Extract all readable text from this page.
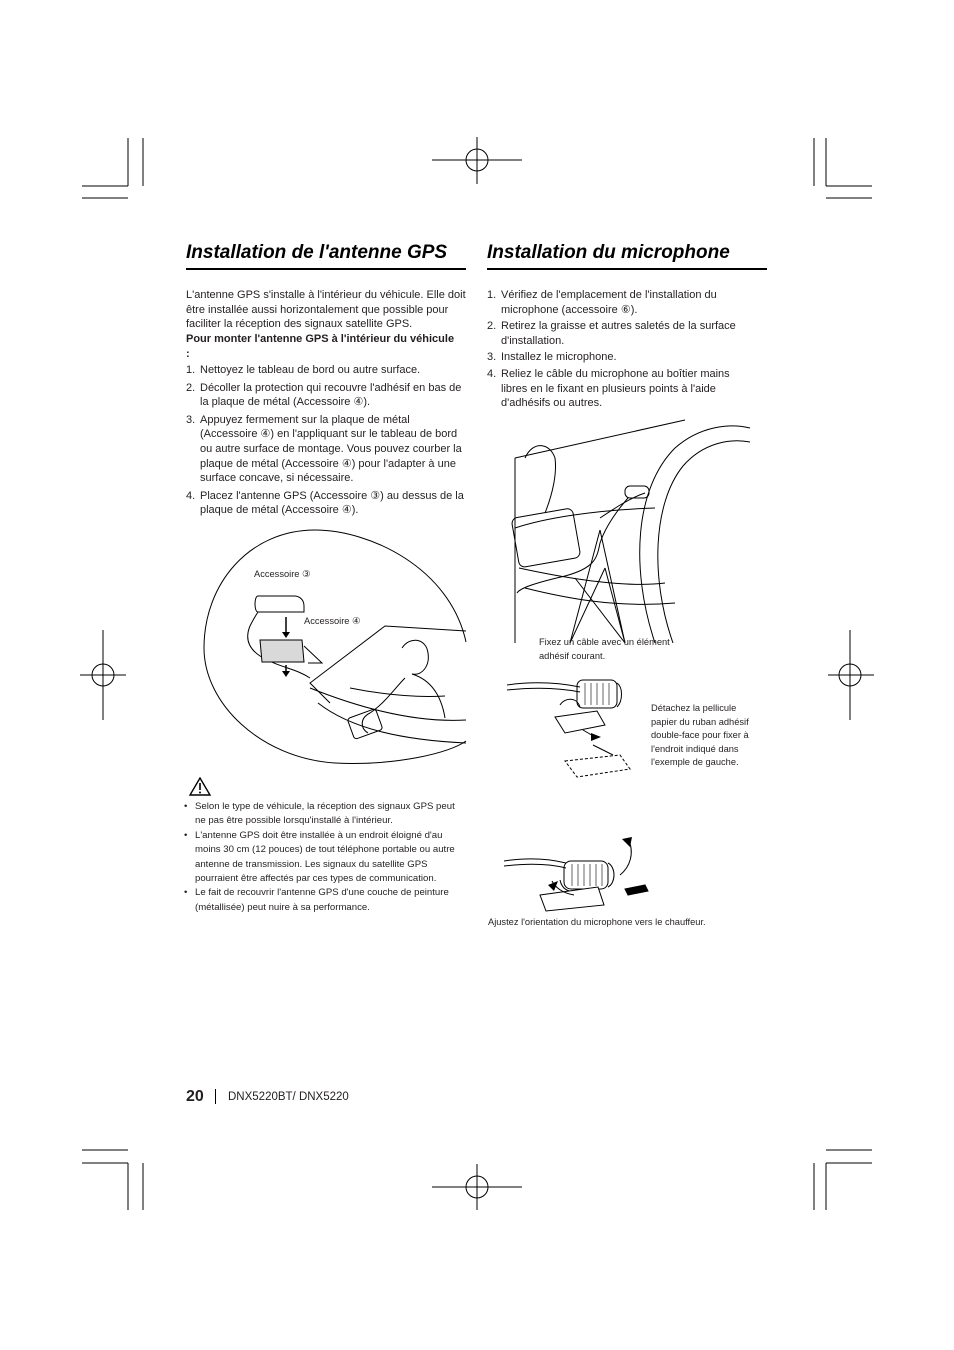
Installation de l'antenne GPS

L'antenne GPS s'installe à l'intérieur du véhicule. Elle doit être installée aussi horizontalement que possible pour faciliter la réception des signaux satellite GPS.

Pour monter l'antenne GPS à l'intérieur du véhicule :

1. Nettoyez le tableau de bord ou autre surface.
2. Décoller la protection qui recouvre l'adhésif en bas de la plaque de métal (Accessoire ④).
3. Appuyez fermement sur la plaque de métal (Accessoire ④) en l'appliquant sur le tableau de bord ou autre surface de montage. Vous pouvez courber la plaque de métal (Accessoire ④) pour l'adapter à une surface concave, si nécessaire.
4. Placez l'antenne GPS (Accessoire ③) au dessus de la plaque de métal (Accessoire ④).
Accessoire ③
Accessoire ④
• Selon le type de véhicule, la réception des signaux GPS peut ne pas être possible lorsqu'installé à l'intérieur.
• L'antenne GPS doit être installée à un endroit éloigné d'au moins 30 cm (12 pouces) de tout téléphone portable ou autre antenne de transmission. Les signaux du satellite GPS pourraient être affectés par ces types de communication.
• Le fait de recouvrir l'antenne GPS d'une couche de peinture (métallisée) peut nuire à sa performance.
Installation du microphone
1. Vérifiez de l'emplacement de l'installation du microphone (accessoire ⑥).
2. Retirez la graisse et autres saletés de la surface d'installation.
3. Installez le microphone.
4. Reliez le câble du microphone au boîtier mains libres en le fixant en plusieurs points à l'aide d'adhésifs ou autres.

Fixez un câble avec un élément adhésif courant.

Détachez la pellicule papier du ruban adhésif double-face pour fixer à l'endroit indiqué dans l'exemple de gauche.

Ajustez l'orientation du microphone vers le chauffeur.

20 DNX5220BT/ DNX5220
